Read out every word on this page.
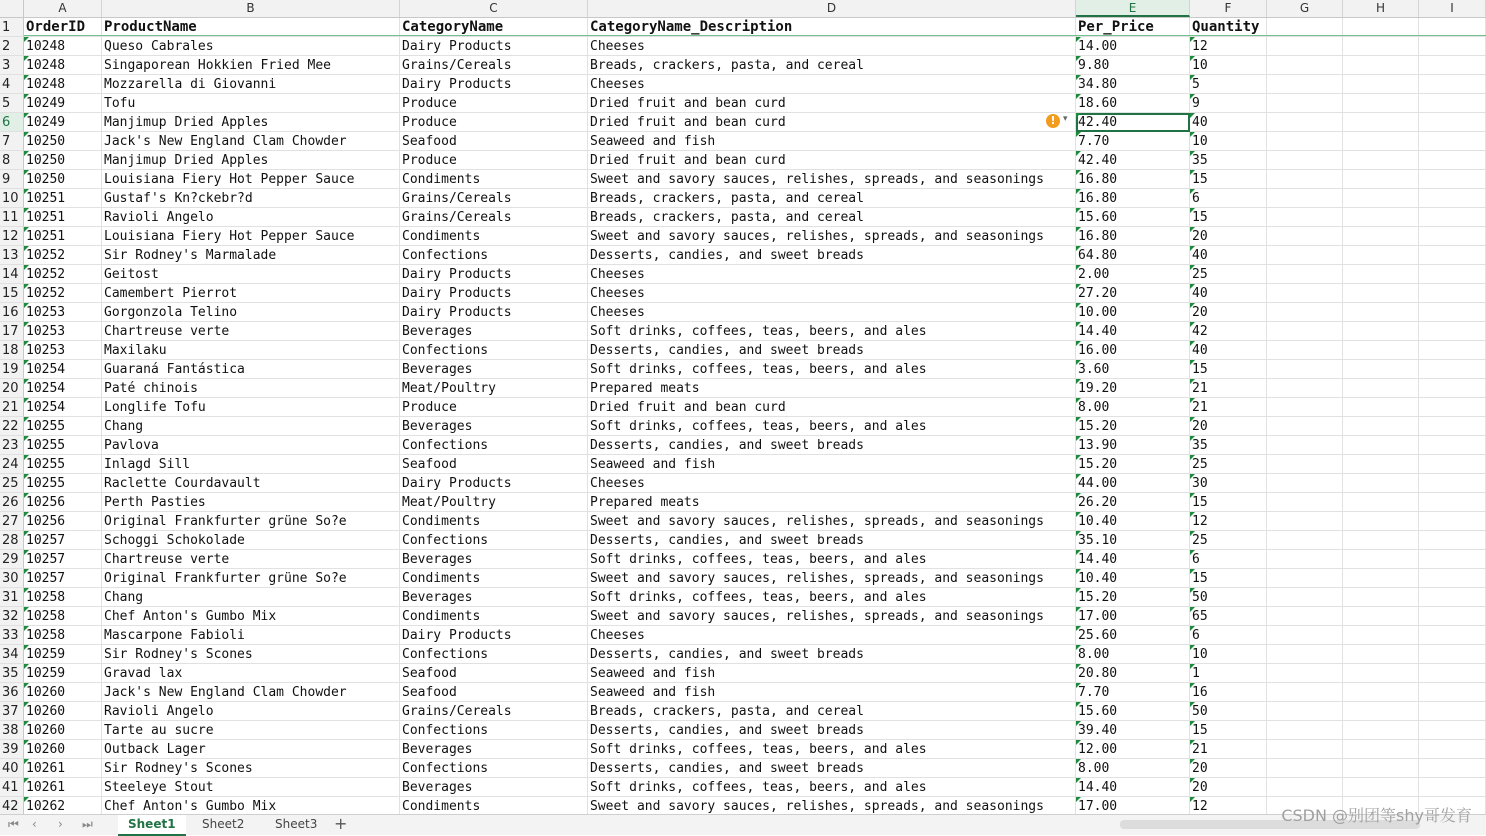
A	B	C	D	E	F	G	H	I
1	OrderID	ProductName	CategoryName	CategoryName_Description	Per_Price	Quantity
2	10248	Queso Cabrales	Dairy Products	Cheeses	14.00	12
3	10248	Singaporean Hokkien Fried Mee	Grains/Cereals	Breads, crackers, pasta, and cereal	9.80	10
4	10248	Mozzarella di Giovanni	Dairy Products	Cheeses	34.80	5
5	10249	Tofu	Produce	Dried fruit and bean curd	18.60	9
6	10249	Manjimup Dried Apples	Produce	Dried fruit and bean curd	42.40	40
7	10250	Jack's New England Clam Chowder	Seafood	Seaweed and fish	7.70	10
8	10250	Manjimup Dried Apples	Produce	Dried fruit and bean curd	42.40	35
9	10250	Louisiana Fiery Hot Pepper Sauce	Condiments	Sweet and savory sauces, relishes, spreads, and seasonings	16.80	15
10 10251	Gustaf's Kn?ckebr?d	Grains/Cereals	Breads, crackers, pasta, and cereal	16.80	6
11 10251	Ravioli Angelo	Grains/Cereals	Breads, crackers, pasta, and cereal	15.60	15
12 10251	Louisiana Fiery Hot Pepper Sauce	Condiments	Sweet and savory sauces, relishes, spreads, and seasonings	16.80	20
13 10252	Sir Rodney's Marmalade	Confections	Desserts, candies, and sweet breads	64.80	40
14 10252	Geitost	Dairy Products	Cheeses	2.00	25
15 10252	Camembert Pierrot	Dairy Products	Cheeses	27.20	40
16 10253	Gorgonzola Telino	Dairy Products	Cheeses	10.00	20
17 10253	Chartreuse verte	Beverages	Soft drinks, coffees, teas, beers, and ales	14.40	42
18 10253	Maxilaku	Confections	Desserts, candies, and sweet breads	16.00	40
19 10254	Guaraná Fantástica	Beverages	Soft drinks, coffees, teas, beers, and ales	3.60	15
20 10254	Paté chinois	Meat/Poultry	Prepared meats	19.20	21
21 10254	Longlife Tofu	Produce	Dried fruit and bean curd	8.00	21
22 10255	Chang	Beverages	Soft drinks, coffees, teas, beers, and ales	15.20	20
23 10255	Pavlova	Confections	Desserts, candies, and sweet breads	13.90	35
24 10255	Inlagd Sill	Seafood	Seaweed and fish	15.20	25
25 10255	Raclette Courdavault	Dairy Products	Cheeses	44.00	30
26 10256	Perth Pasties	Meat/Poultry	Prepared meats	26.20	15
27 10256	Original Frankfurter grüne So?e	Condiments	Sweet and savory sauces, relishes, spreads, and seasonings	10.40	12
28 10257	Schoggi Schokolade	Confections	Desserts, candies, and sweet breads	35.10	25
29 10257	Chartreuse verte	Beverages	Soft drinks, coffees, teas, beers, and ales	14.40	6
30 10257	Original Frankfurter grüne So?e	Condiments	Sweet and savory sauces, relishes, spreads, and seasonings	10.40	15
31 10258	Chang	Beverages	Soft drinks, coffees, teas, beers, and ales	15.20	50
32 10258	Chef Anton's Gumbo Mix	Condiments	Sweet and savory sauces, relishes, spreads, and seasonings	17.00	65
33 10258	Mascarpone Fabioli	Dairy Products	Cheeses	25.60	6
34 10259	Sir Rodney's Scones	Confections	Desserts, candies, and sweet breads	8.00	10
35 10259	Gravad lax	Seafood	Seaweed and fish	20.80	1
36 10260	Jack's New England Clam Chowder	Seafood	Seaweed and fish	7.70	16
37 10260	Ravioli Angelo	Grains/Cereals	Breads, crackers, pasta, and cereal	15.60	50
38 10260	Tarte au sucre	Confections	Desserts, candies, and sweet breads	39.40	15
39 10260	Outback Lager	Beverages	Soft drinks, coffees, teas, beers, and ales	12.00	21
40 10261	Sir Rodney's Scones	Confections	Desserts, candies, and sweet breads	8.00	20
41 10261	Steeleye Stout	Beverages	Soft drinks, coffees, teas, beers, and ales	14.40	20
42 10262	Chef Anton's Gumbo Mix	Condiments	Sweet and savory sauces, relishes, spreads, and seasonings	17.00	12
! ▾
⏮ ‹ › ⏭	Sheet1	Sheet2	Sheet3	+	CSDN @别团等shy哥发育
